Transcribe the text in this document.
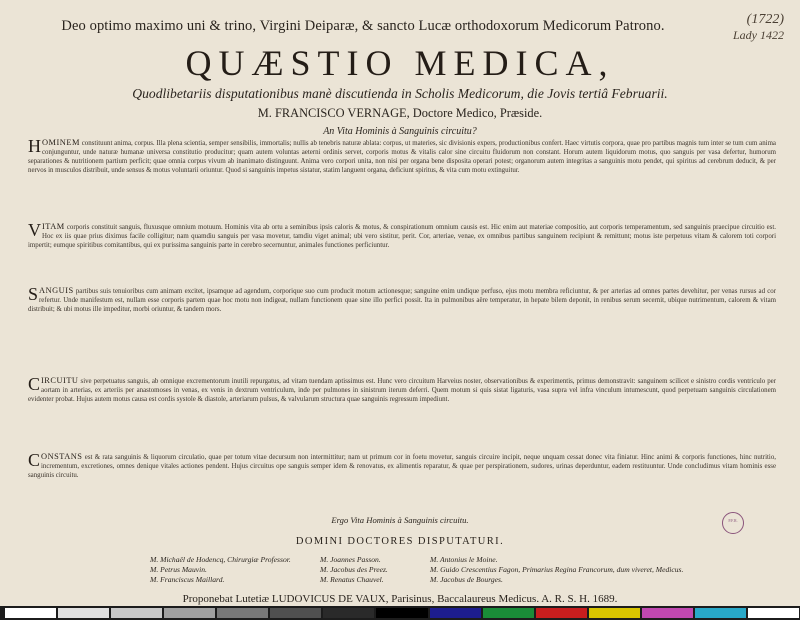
(1722)
Lady 1422
Deo optimo maximo uni & trino, Virgini Deiparæ, & sancto Lucæ orthodoxorum Medicorum Patrono.
QUÆSTIO MEDICA,
Quodlibetariis disputationibus manè discutienda in Scholis Medicorum, die Jovis tertiâ Februarii.
M. FRANCISCO VERNAGE, Doctore Medico, Præside.
An Vita Hominis à Sanguinis circuitu?
H OMINEM constituunt anima, corpus. Illa plena scientia, semper sensibilis, immortalis; nullis ab tenebris naturæ ablata: corpus, ut materies, sic divisionis expers, productionibus confert. Haec virtutis corpora, quae pro partibus magnis tum inter se tum cum anima conjunguntur, unde naturæ humanæ universa constitutio producitur; quam autem voluntas aeterni ordinis servet, corporis motus & vitalis calor sine circuitu fluidorum non constant. Horum autem liquidorum motus, quo sanguis per vasa defertur, humorum separationes & nutritionem partium perficit; quae omnia corpus vivum ab inanimato distinguunt. Anima vero corpori unita, non nisi per organa bene disposita operari potest; organorum autem integritas a sanguinis motu pendet, qui spiritus ad cerebrum deducit, & per nervos in musculos distribuit, unde sensus & motus voluntarii oriuntur. Quod si sanguinis impetus sistatur, statim languent organa, deficiunt spiritus, & vita cum motu extinguitur.
V ITAM corporis constituit sanguis, fluxusque omnium motuum. Hominis vita ab ortu a seminibus ipsis caloris & motus, & conspirationum omnium causis est. Hic enim aut materiae compositio, aut corporis temperamentum, sed sanguinis praecipue circuitio est. Hoc ex iis quae prius diximus facile colligitur; nam quamdiu sanguis per vasa movetur, tamdiu viget animal; ubi vero sistitur, perit. Cor, arteriae, venae, ex omnibus partibus sanguinem recipiunt & remittunt; motus iste perpetuus vitam & calorem toti corpori impertit; eumque spiritibus comitantibus, qui ex purissima sanguinis parte in cerebro secernuntur, animales functiones perficiuntur.
S ANGUIS partibus suis tenuioribus cum animam excitet, ipsamque ad agendum, corporique suo cum producit motum actionesque; sanguine enim undique perfuso, ejus motu membra reficiuntur, & per arterias ad omnes partes devehitur, per venas rursus ad cor refertur. Unde manifestum est, nullam esse corporis partem quae hoc motu non indigeat, nullam functionem quae sine illo perfici possit. Ita in pulmonibus aëre temperatur, in hepate bilem deponit, in renibus serum secernit, ubique nutrimentum, calorem & vitam distribuit; & ubi motus ille impeditur, morbi oriuntur, & tandem mors.
C IRCUITU sive perpetuatus sanguis, ab omnique excrementorum inutili repurgatus, ad vitam tuendam aptissimus est. Hunc vero circuitum Harveius noster, observationibus & experimentis, primus demonstravit: sanguinem scilicet e sinistro cordis ventriculo per aortam in arterias, ex arteriis per anastomoses in venas, ex venis in dextrum ventriculum, inde per pulmones in sinistrum iterum deferri. Quem motum si quis sistat ligaturis, vasa supra vel infra vinculum intumescunt, quod perpetuam sanguinis circulationem evidenter probat. Hujus autem motus causa est cordis systole & diastole, arteriarum pulsus, & valvularum structura quae sanguinis regressum impediunt.
C ONSTANS est & rata sanguinis & liquorum circulatio, quae per totum vitae decursum non intermittitur; nam ut primum cor in foetu movetur, sanguis circuire incipit, neque unquam cessat donec vita finiatur. Hinc animi & corporis functiones, hinc nutritio, incrementum, excretiones, omnes denique vitales actiones pendent. Hujus circuitus ope sanguis semper idem & renovatus, ex alimentis reparatur, & quae per perspirationem, sudores, urinas deperduntur, eadem restituuntur. Unde concludimus vitam hominis esse sanguinis circuitu.
Ergo Vita Hominis à Sanguinis circuitu.	P.F.R.
DOMINI DOCTORES DISPUTATURI.
M. Michaël de Hodencq, Chirurgiæ Professor.
M. Petrus Mauvin.
M. Franciscus Maillard.
M. Joannes Passon.
M. Jacobus des Preez.
M. Renatus Chauvel.
M. Antonius le Moine.
M. Guido Crescentius Fagon, Primarius Regina Francorum, dum viveret, Medicus.
M. Jacobus de Bourges.
Proponebat Lutetiæ LUDOVICUS DE VAUX, Parisinus, Baccalaureus Medicus. A. R. S. H. 1689.
